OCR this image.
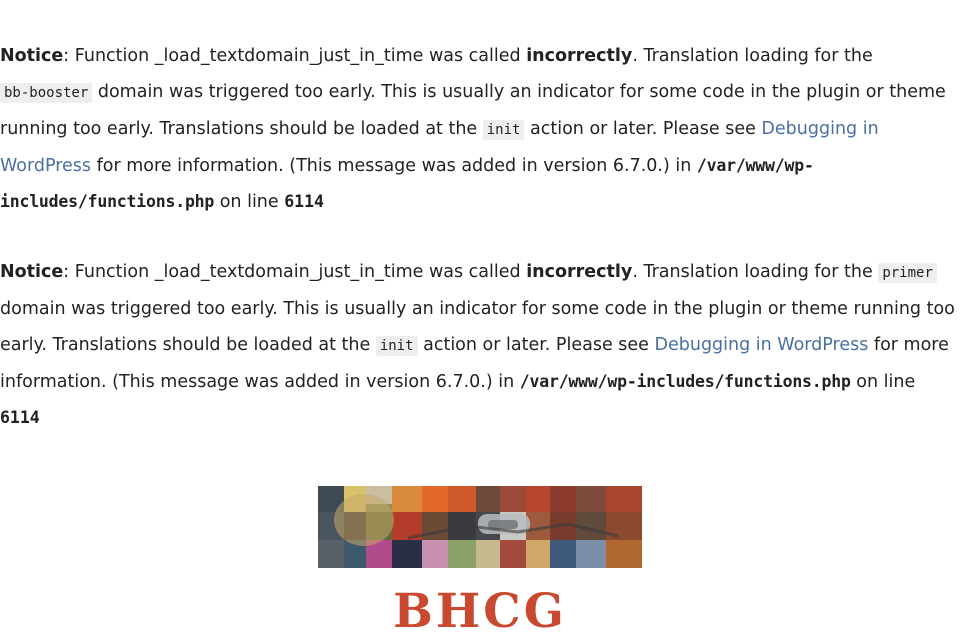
Notice: Function _load_textdomain_just_in_time was called incorrectly. Translation loading for the bb-booster domain was triggered too early. This is usually an indicator for some code in the plugin or theme running too early. Translations should be loaded at the init action or later. Please see Debugging in WordPress for more information. (This message was added in version 6.7.0.) in /var/www/wp-includes/functions.php on line 6114

Notice: Function _load_textdomain_just_in_time was called incorrectly. Translation loading for the primer domain was triggered too early. This is usually an indicator for some code in the plugin or theme running too early. Translations should be loaded at the init action or later. Please see Debugging in WordPress for more information. (This message was added in version 6.7.0.) in /var/www/wp-includes/functions.php on line 6114

BHCG
